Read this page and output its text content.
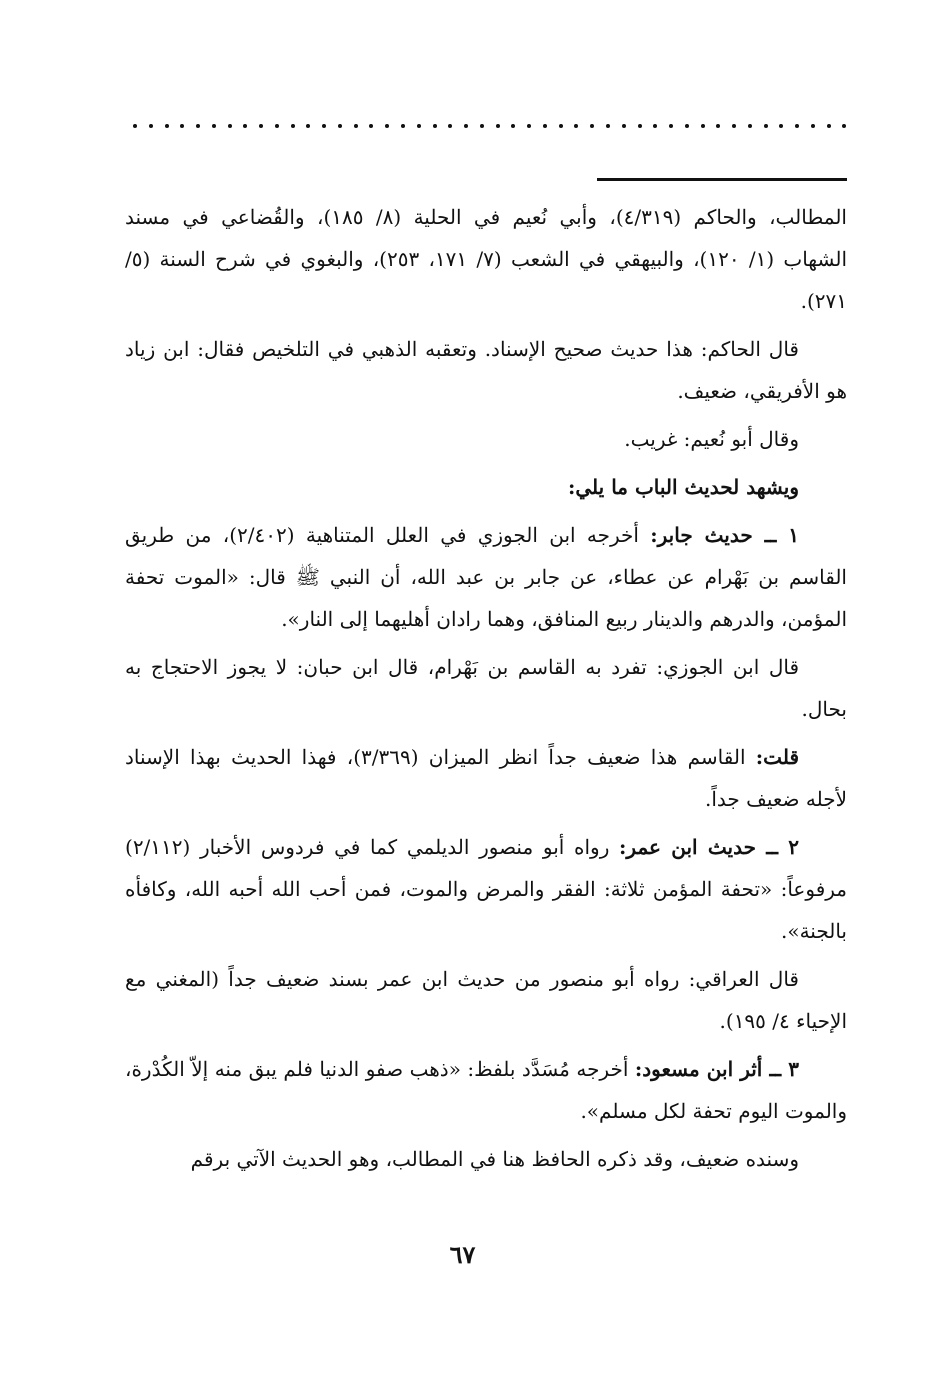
المطالب، والحاكم (٤/٣١٩)، وأبي نُعيم في الحلية (٨/ ١٨٥)، والقُضاعي في مسند الشهاب (١/ ١٢٠)، والبيهقي في الشعب (٧/ ١٧١، ٢٥٣)، والبغوي في شرح السنة (٥/ ٢٧١).

قال الحاكم: هذا حديث صحيح الإسناد. وتعقبه الذهبي في التلخيص فقال: ابن زياد هو الأفريقي، ضعيف.

وقال أبو نُعيم: غريب.

ويشهد لحديث الباب ما يلي:

١ ــ حديث جابر: أخرجه ابن الجوزي في العلل المتناهية (٢/٤٠٢)، من طريق القاسم بن بَهْرام عن عطاء، عن جابر بن عبد الله، أن النبي ﷺ قال: «الموت تحفة المؤمن، والدرهم والدينار ربيع المنافق، وهما رادان أهليهما إلى النار».

قال ابن الجوزي: تفرد به القاسم بن بَهْرام، قال ابن حبان: لا يجوز الاحتجاج به بحال.

قلت: القاسم هذا ضعيف جداً انظر الميزان (٣/٣٦٩)، فهذا الحديث بهذا الإسناد لأجله ضعيف جداً.

٢ ــ حديث ابن عمر: رواه أبو منصور الديلمي كما في فردوس الأخبار (٢/١١٢) مرفوعاً: «تحفة المؤمن ثلاثة: الفقر والمرض والموت، فمن أحب الله أحبه الله، وكافأه بالجنة».

قال العراقي: رواه أبو منصور من حديث ابن عمر بسند ضعيف جداً (المغني مع الإحياء ٤/ ١٩٥).

٣ ــ أثر ابن مسعود: أخرجه مُسَدَّد بلفظ: «ذهب صفو الدنيا فلم يبق منه إلاّ الكُدْرة، والموت اليوم تحفة لكل مسلم».

وسنده ضعيف، وقد ذكره الحافظ هنا في المطالب، وهو الحديث الآتي برقم

٦٧
